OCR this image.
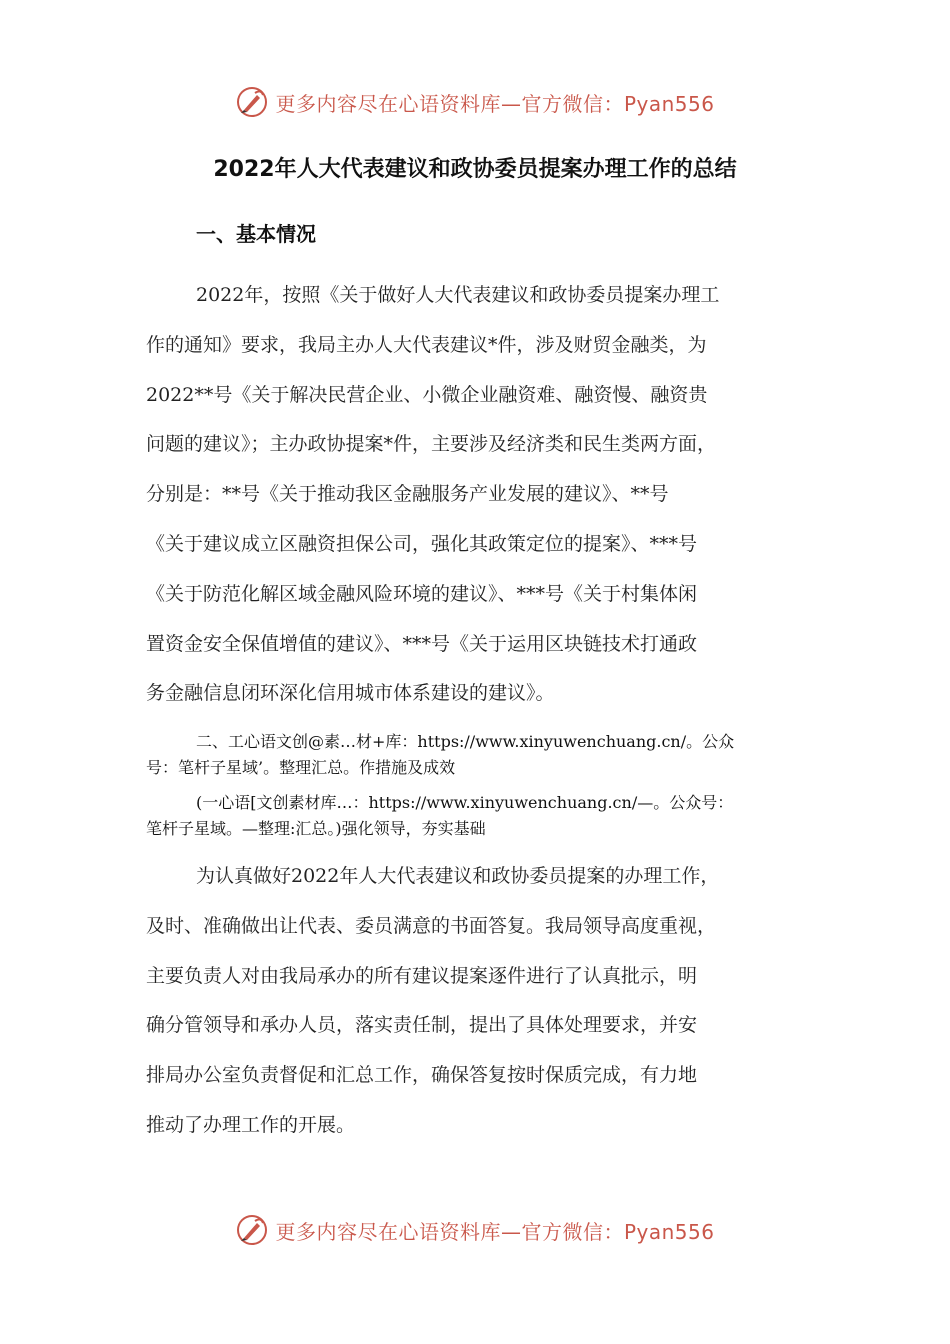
更多内容尽在心语资料库—官方微信：Pyan556
2022年人大代表建议和政协委员提案办理工作的总结
一、基本情况
2022年，按照《关于做好人大代表建议和政协委员提案办理工
作的通知》要求，我局主办人大代表建议*件，涉及财贸金融类，为
2022**号《关于解决民营企业、小微企业融资难、融资慢、融资贵
问题的建议》；主办政协提案*件，主要涉及经济类和民生类两方面，
分别是：**号《关于推动我区金融服务产业发展的建议》、**号
《关于建议成立区融资担保公司，强化其政策定位的提案》、***号
《关于防范化解区域金融风险环境的建议》、***号《关于村集体闲
置资金安全保值增值的建议》、***号《关于运用区块链技术打通政
务金融信息闭环深化信用城市体系建设的建议》。
二、工心语文创@素…材+库：https://www.xinyuwenchuang.cn/。公众
号：笔杆子星域’。整理汇总。作措施及成效
(一心语[文创素材库…：https://www.xinyuwenchuang.cn/—。公众号：
笔杆子星域。—整理:汇总。)强化领导，夯实基础
为认真做好2022年人大代表建议和政协委员提案的办理工作，
及时、准确做出让代表、委员满意的书面答复。我局领导高度重视，
主要负责人对由我局承办的所有建议提案逐件进行了认真批示，明
确分管领导和承办人员，落实责任制，提出了具体处理要求，并安
排局办公室负责督促和汇总工作，确保答复按时保质完成，有力地
推动了办理工作的开展。
更多内容尽在心语资料库—官方微信：Pyan556
